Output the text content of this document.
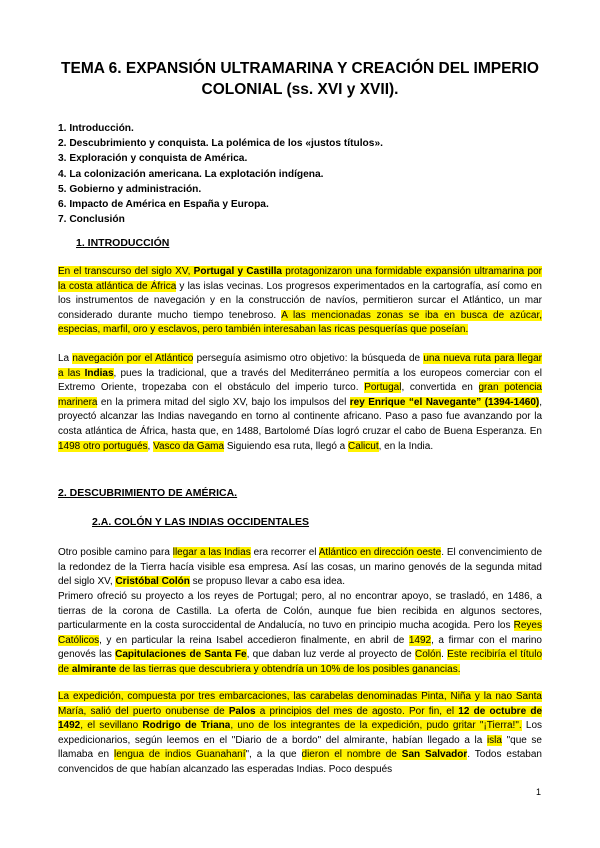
TEMA 6. EXPANSIÓN ULTRAMARINA Y CREACIÓN DEL IMPERIO COLONIAL (ss. XVI y XVII).
1. Introducción.
2. Descubrimiento y conquista. La polémica de los «justos títulos».
3. Exploración y conquista de América.
4. La colonización americana. La explotación indígena.
5. Gobierno y administración.
6. Impacto de América en España y Europa.
7. Conclusión
1. INTRODUCCIÓN

En el transcurso del siglo XV, Portugal y Castilla protagonizaron una formidable expansión ultramarina por la costa atlántica de África y las islas vecinas. Los progresos experimentados en la cartografía, así como en los instrumentos de navegación y en la construcción de navíos, permitieron surcar el Atlántico, un mar considerado durante mucho tiempo tenebroso. A las mencionadas zonas se iba en busca de azúcar, especias, marfil, oro y esclavos, pero también interesaban las ricas pesquerías que poseían.

La navegación por el Atlántico perseguía asimismo otro objetivo: la búsqueda de una nueva ruta para llegar a las Indias, pues la tradicional, que a través del Mediterráneo permitía a los europeos comerciar con el Extremo Oriente, tropezaba con el obstáculo del imperio turco. Portugal, convertida en gran potencia marinera en la primera mitad del siglo XV, bajo los impulsos del rey Enrique “el Navegante” (1394-1460), proyectó alcanzar las Indias navegando en torno al continente africano. Paso a paso fue avanzando por la costa atlántica de África, hasta que, en 1488, Bartolomé Días logró cruzar el cabo de Buena Esperanza. En 1498 otro portugués, Vasco da Gama Siguiendo esa ruta, llegó a Calicut, en la India.

2. DESCUBRIMIENTO DE AMÉRICA.
2.A. COLÓN Y LAS INDIAS OCCIDENTALES

Otro posible camino para llegar a las Indias era recorrer el Atlántico en dirección oeste. El convencimiento de la redondez de la Tierra hacía visible esa empresa. Así las cosas, un marino genovés de la segunda mitad del siglo XV, Cristóbal Colón se propuso llevar a cabo esa idea.

Primero ofreció su proyecto a los reyes de Portugal; pero, al no encontrar apoyo, se trasladó, en 1486, a tierras de la corona de Castilla. La oferta de Colón, aunque fue bien recibida en algunos sectores, particularmente en la costa suroccidental de Andalucía, no tuvo en principio mucha acogida. Pero los Reyes Católicos, y en particular la reina Isabel accedieron finalmente, en abril de 1492, a firmar con el marino genovés las Capitulaciones de Santa Fe, que daban luz verde al proyecto de Colón. Este recibiría el título de almirante de las tierras que descubriera y obtendría un 10% de los posibles ganancias.

La expedición, compuesta por tres embarcaciones, las carabelas denominadas Pinta, Niña y la nao Santa María, salió del puerto onubense de Palos a principios del mes de agosto. Por fin, el 12 de octubre de 1492, el sevillano Rodrigo de Triana, uno de los integrantes de la expedición, pudo gritar "¡Tierra!". Los expedicionarios, según leemos en el "Diario de a bordo" del almirante, habían llegado a la isla "que se llamaba en lengua de indios Guanahaní", a la que dieron el nombre de San Salvador. Todos estaban convencidos de que habían alcanzado las esperadas Indias. Poco después

1
